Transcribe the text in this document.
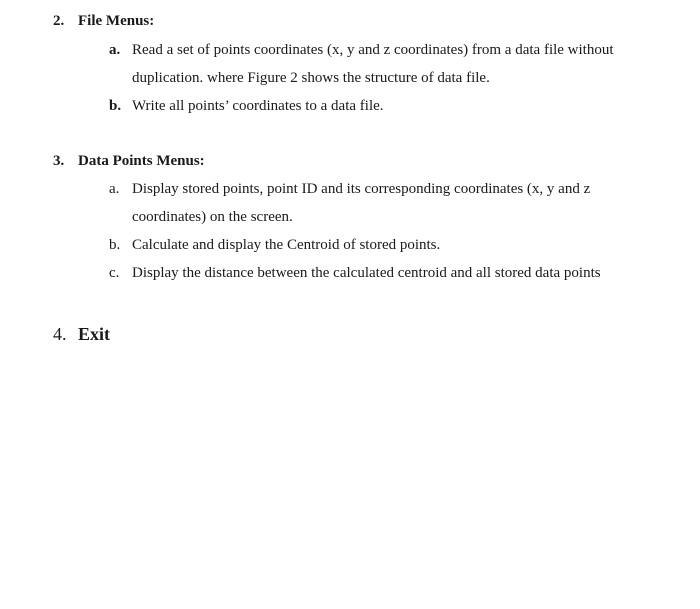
2. File Menus:
a. Read a set of points coordinates (x, y and z coordinates) from a data file without
duplication. where Figure 2 shows the structure of data file.
b. Write all points’ coordinates to a data file.
3. Data Points Menus:
a. Display stored points, point ID and its corresponding coordinates (x, y and z
coordinates) on the screen.
b. Calculate and display the Centroid of stored points.
c. Display the distance between the calculated centroid and all stored data points
4. Exit
